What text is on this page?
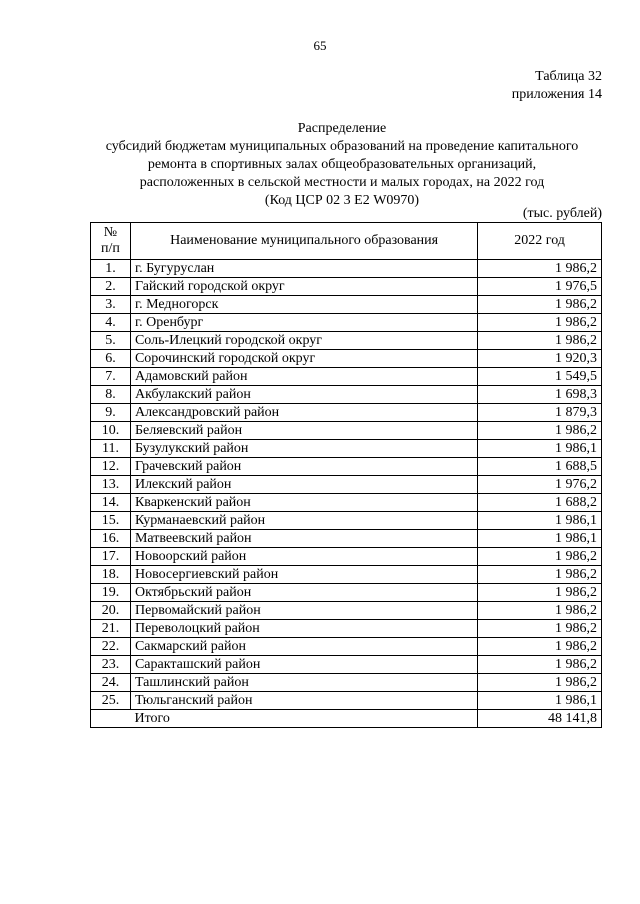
65
Таблица 32
приложения 14
Распределение
субсидий бюджетам муниципальных образований на проведение капитального
ремонта в спортивных залах общеобразовательных организаций,
расположенных в сельской местности и малых городах, на 2022 год
(Код ЦСР 02 3 Е2 W0970)
(тыс. рублей)
№
п/п	Наименование муниципального образования	2022 год
1.	г. Бугуруслан	1 986,2
2.	Гайский городской округ	1 976,5
3.	г. Медногорск	1 986,2
4.	г. Оренбург	1 986,2
5.	Соль-Илецкий городской округ	1 986,2
6.	Сорочинский городской округ	1 920,3
7.	Адамовский район	1 549,5
8.	Акбулакский район	1 698,3
9.	Александровский район	1 879,3
10.	Беляевский район	1 986,2
11.	Бузулукский район	1 986,1
12.	Грачевский район	1 688,5
13.	Илекский район	1 976,2
14.	Кваркенский район	1 688,2
15.	Курманаевский район	1 986,1
16.	Матвеевский район	1 986,1
17.	Новоорский район	1 986,2
18.	Новосергиевский район	1 986,2
19.	Октябрьский район	1 986,2
20.	Первомайский район	1 986,2
21.	Переволоцкий район	1 986,2
22.	Сакмарский район	1 986,2
23.	Саракташский район	1 986,2
24.	Ташлинский район	1 986,2
25.	Тюльганский район	1 986,1
	Итого	48 141,8
